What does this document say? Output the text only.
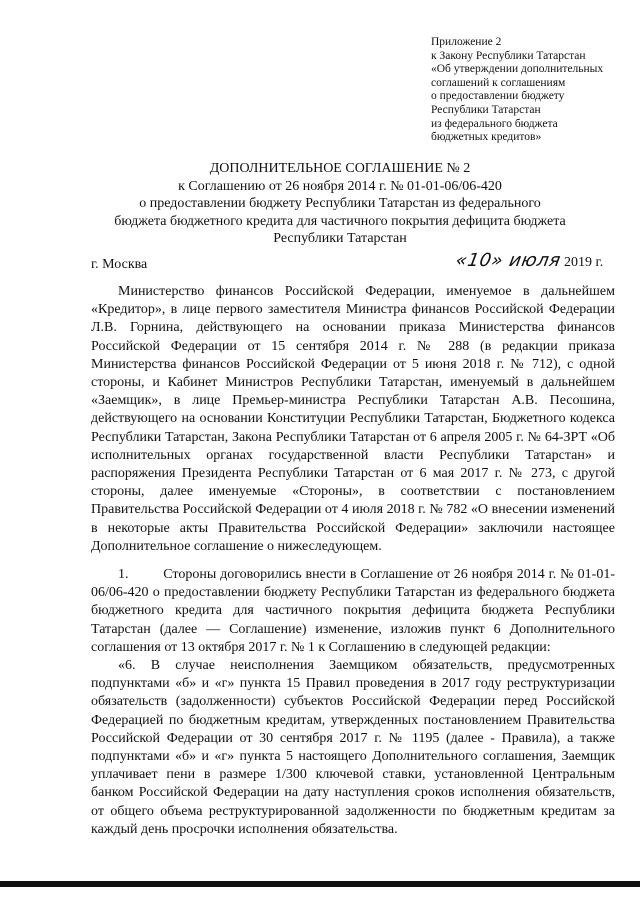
Приложение 2
к Закону Республики Татарстан
«Об утверждении дополнительных
соглашений к соглашениям
о предоставлении бюджету
Республики Татарстан
из федерального бюджета
бюджетных кредитов»
ДОПОЛНИТЕЛЬНОЕ СОГЛАШЕНИЕ № 2
к Соглашению от 26 ноября 2014 г. № 01-01-06/06-420
о предоставлении бюджету Республики Татарстан из федерального
бюджета бюджетного кредита для частичного покрытия дефицита бюджета
Республики Татарстан
г. Москва	«10» июля 2019 г.

Министерство финансов Российской Федерации, именуемое в дальнейшем «Кредитор», в лице первого заместителя Министра финансов Российской Федерации Л.В. Горнина, действующего на основании приказа Министерства финансов Российской Федерации от 15 сентября 2014 г. № 288 (в редакции приказа Министерства финансов Российской Федерации от 5 июня 2018 г. № 712), с одной стороны, и Кабинет Министров Республики Татарстан, именуемый в дальнейшем «Заемщик», в лице Премьер-министра Республики Татарстан А.В. Песошина, действующего на основании Конституции Республики Татарстан, Бюджетного кодекса Республики Татарстан, Закона Республики Татарстан от 6 апреля 2005 г. № 64-ЗРТ «Об исполнительных органах государственной власти Республики Татарстан» и распоряжения Президента Республики Татарстан от 6 мая 2017 г. № 273, с другой стороны, далее именуемые «Стороны», в соответствии с постановлением Правительства Российской Федерации от 4 июля 2018 г. № 782 «О внесении изменений в некоторые акты Правительства Российской Федерации» заключили настоящее Дополнительное соглашение о нижеследующем.

1.         Стороны договорились внести в Соглашение от 26 ноября 2014 г. № 01-01-06/06-420 о предоставлении бюджету Республики Татарстан из федерального бюджета бюджетного кредита для частичного покрытия дефицита бюджета Республики Татарстан (далее — Соглашение) изменение, изложив пункт 6 Дополнительного соглашения от 13 октября 2017 г. № 1 к Соглашению в следующей редакции:

«6. В случае неисполнения Заемщиком обязательств, предусмотренных подпунктами «б» и «г» пункта 15 Правил проведения в 2017 году реструктуризации обязательств (задолженности) субъектов Российской Федерации перед Российской Федерацией по бюджетным кредитам, утвержденных постановлением Правительства Российской Федерации от 30 сентября 2017 г. № 1195 (далее - Правила), а также подпунктами «б» и «г» пункта 5 настоящего Дополнительного соглашения, Заемщик уплачивает пени в размере 1/300 ключевой ставки, установленной Центральным банком Российской Федерации на дату наступления сроков исполнения обязательств, от общего объема реструктурированной задолженности по бюджетным кредитам за каждый день просрочки исполнения обязательства.
